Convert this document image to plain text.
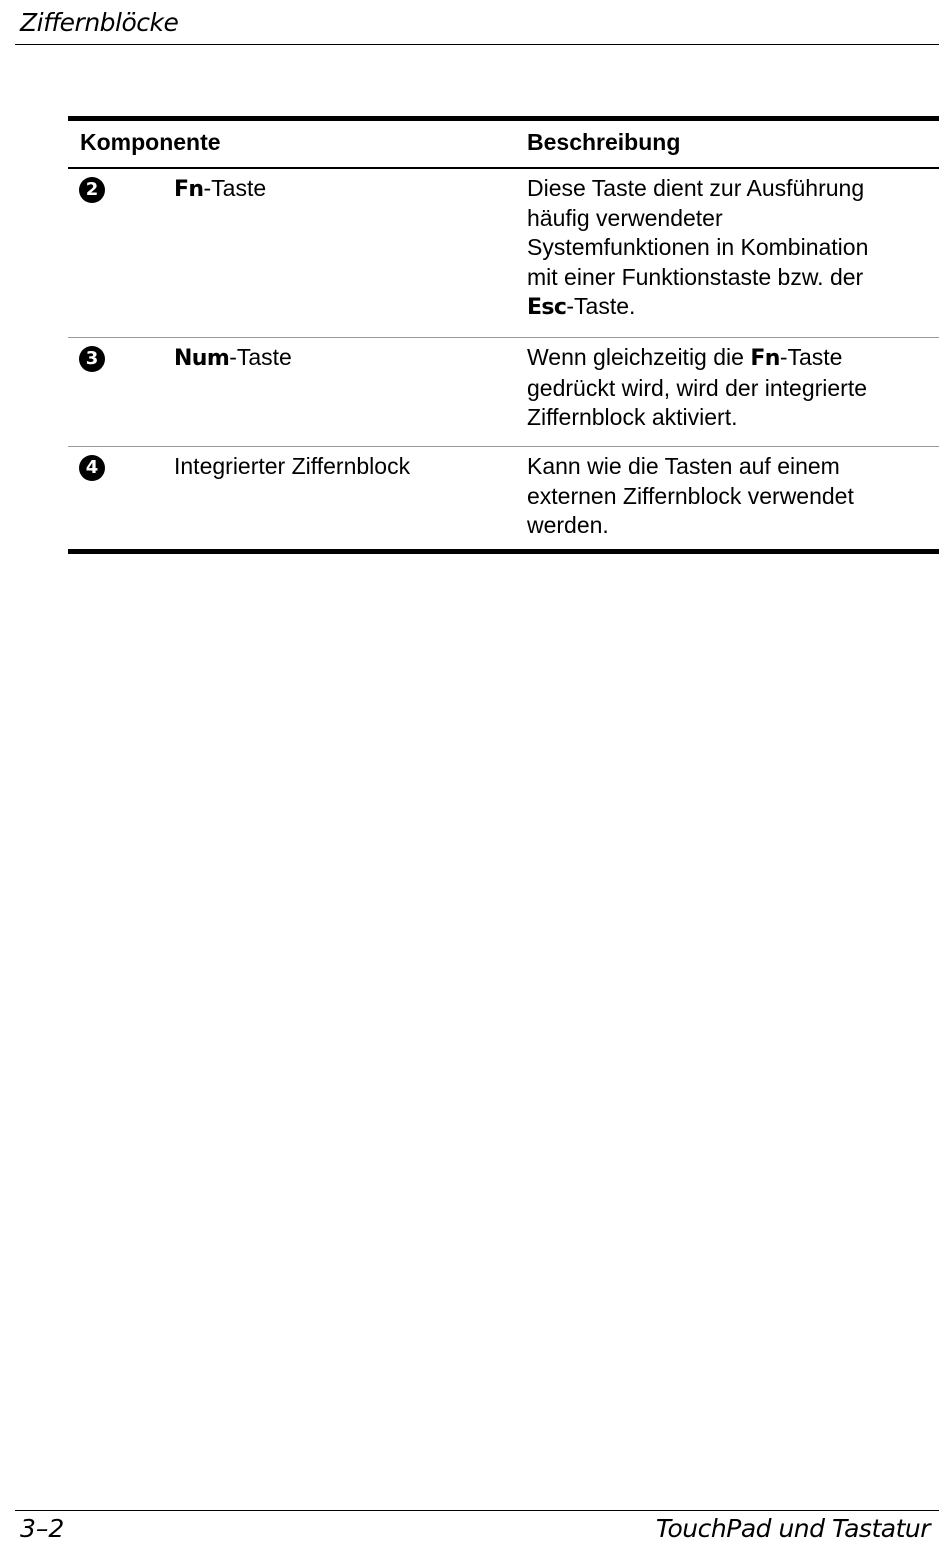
Ziffernblöcke
Komponente	Beschreibung
2	Fn-Taste	Diese Taste dient zur Ausführung
häufig verwendeter
Systemfunktionen in Kombination
mit einer Funktionstaste bzw. der
Esc-Taste.
3	Num-Taste	Wenn gleichzeitig die Fn-Taste
gedrückt wird, wird der integrierte
Ziffernblock aktiviert.
4	Integrierter Ziffernblock	Kann wie die Tasten auf einem
externen Ziffernblock verwendet
werden.
3–2	TouchPad und Tastatur
